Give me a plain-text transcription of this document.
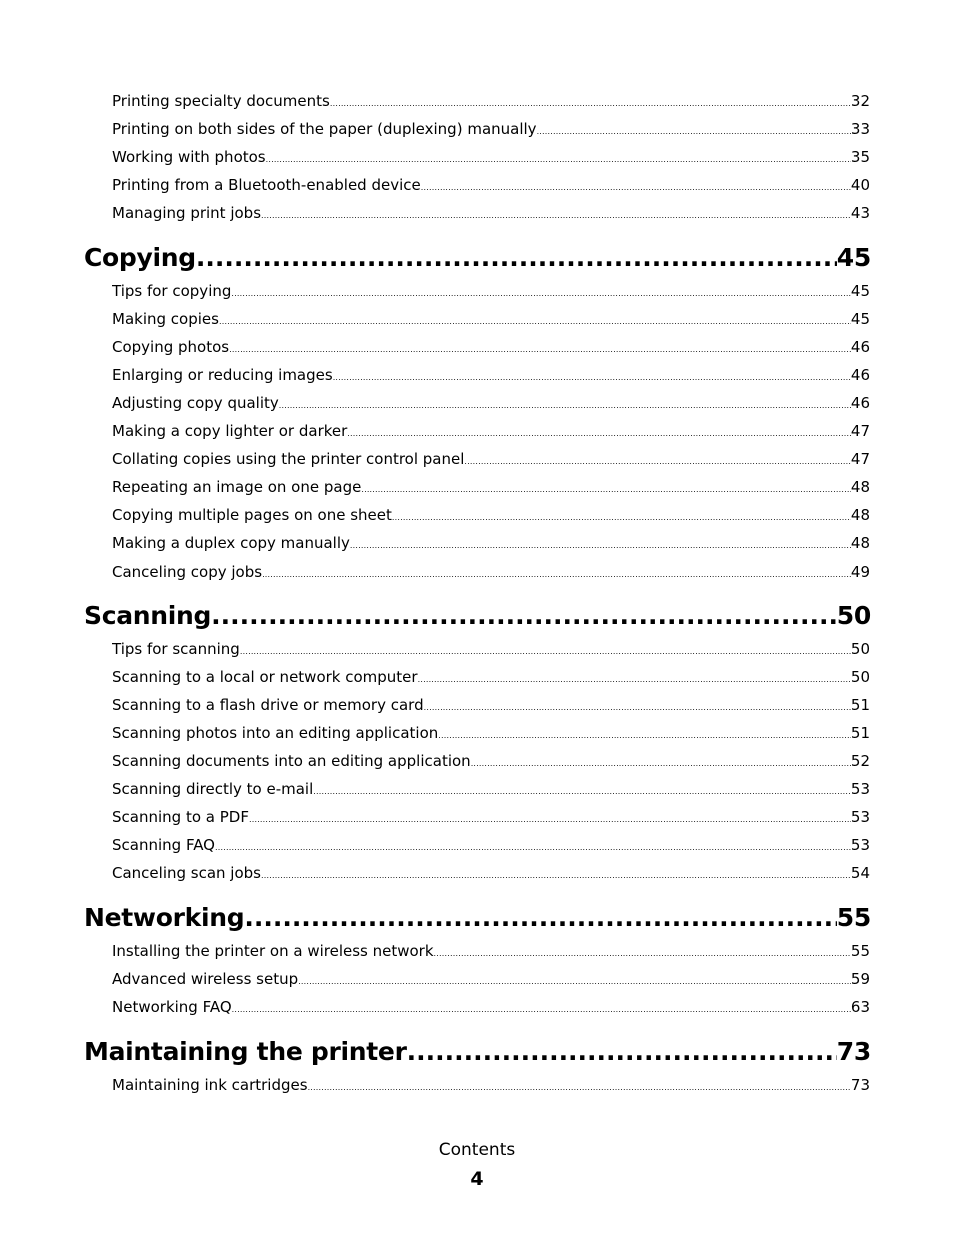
Printing specialty documents .....	32
Printing on both sides of the paper (duplexing) manually .....	33
Working with photos .....	35
Printing from a Bluetooth-enabled device .....	40
Managing print jobs .....	43
Copying .....	45
Tips for copying .....	45
Making copies .....	45
Copying photos .....	46
Enlarging or reducing images .....	46
Adjusting copy quality .....	46
Making a copy lighter or darker .....	47
Collating copies using the printer control panel .....	47
Repeating an image on one page .....	48
Copying multiple pages on one sheet .....	48
Making a duplex copy manually .....	48
Canceling copy jobs .....	49
Scanning .....	50
Tips for scanning .....	50
Scanning to a local or network computer .....	50
Scanning to a flash drive or memory card .....	51
Scanning photos into an editing application .....	51
Scanning documents into an editing application .....	52
Scanning directly to e-mail .....	53
Scanning to a PDF .....	53
Scanning FAQ .....	53
Canceling scan jobs .....	54
Networking .....	55
Installing the printer on a wireless network .....	55
Advanced wireless setup .....	59
Networking FAQ .....	63
Maintaining the printer .....	73
Maintaining ink cartridges .....	73
Contents
4
